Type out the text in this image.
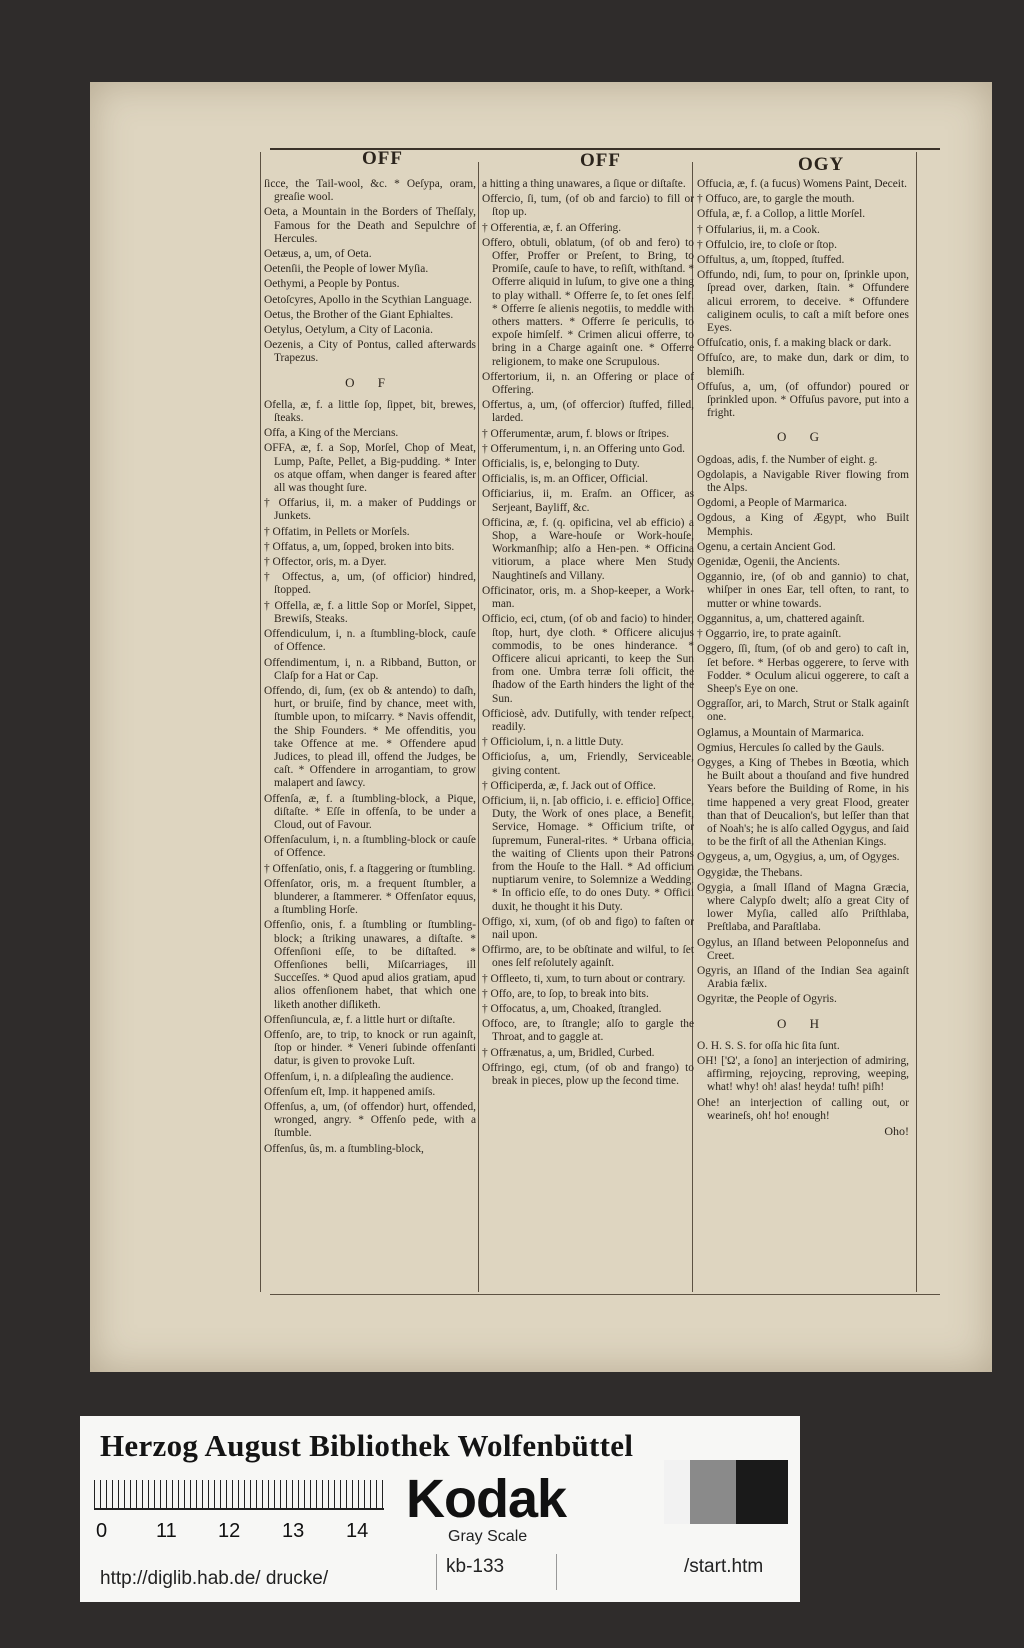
OFF	OFF	OGY

ſicce, the Tail-wool, &c. * Oeſypa, oram, greaſie wool.

Oeta, a Mountain in the Borders of Theſſaly, Famous for the Death and Sepulchre of Hercules.

Oetæus, a, um, of Oeta.

Oetenſii, the People of lower Myſia.

Oethymi, a People by Pontus.

Oetoſcyres, Apollo in the Scythian Language.

Oetus, the Brother of the Giant Ephialtes.

Oetylus, Oetylum, a City of Laconia.

Oezenis, a City of Pontus, called afterwards Trapezus.

O F

Ofella, æ, f. a little ſop, ſippet, bit, brewes, ſteaks.

Offa, a King of the Mercians.

OFFA, æ, f. a Sop, Morſel, Chop of Meat, Lump, Paſte, Pellet, a Big-pudding. * Inter os atque offam, when danger is feared after all was thought ſure.

† Offarius, ii, m. a maker of Puddings or Junkets.

† Offatim, in Pellets or Morſels.

† Offatus, a, um, ſopped, broken into bits.

† Offector, oris, m. a Dyer.

† Offectus, a, um, (of officior) hindred, ſtopped.

† Offella, æ, f. a little Sop or Morſel, Sippet, Brewiſs, Steaks.

Offendiculum, i, n. a ſtumbling-block, cauſe of Offence.

Offendimentum, i, n. a Ribband, Button, or Claſp for a Hat or Cap.

Offendo, di, ſum, (ex ob & antendo) to daſh, hurt, or bruiſe, find by chance, meet with, ſtumble upon, to miſcarry. * Navis offendit, the Ship Founders. * Me offenditis, you take Offence at me. * Offendere apud Judices, to plead ill, offend the Judges, be caſt. * Offendere in arrogantiam, to grow malapert and ſawcy.

Offenſa, æ, f. a ſtumbling-block, a Pique, diſtaſte. * Eſſe in offenſa, to be under a Cloud, out of Favour.

Offenſaculum, i, n. a ſtumbling-block or cauſe of Offence.

† Offenſatio, onis, f. a ſtaggering or ſtumbling.

Offenſator, oris, m. a frequent ſtumbler, a blunderer, a ſtammerer. * Offenſator equus, a ſtumbling Horſe.

Offenſio, onis, f. a ſtumbling or ſtumbling-block; a ſtriking unawares, a diſtaſte. * Offenſioni eſſe, to be diſtaſted. * Offenſiones belli, Miſcarriages, ill Succeſſes. * Quod apud alios gratiam, apud alios offenſionem habet, that which one liketh another diſliketh.

Offenſiuncula, æ, f. a little hurt or diſtaſte.

Offenſo, are, to trip, to knock or run againſt, ſtop or hinder. * Veneri ſubinde offenſanti datur, is given to provoke Luſt.

Offenſum, i, n. a diſpleaſing the audience.

Offenſum eſt, Imp. it happened amiſs.

Offenſus, a, um, (of offendor) hurt, offended, wronged, angry. * Offenſo pede, with a ſtumble.

Offenſus, ûs, m. a ſtumbling-block,

a hitting a thing unawares, a ſique or diſtaſte.

Offercio, ſi, tum, (of ob and farcio) to fill or ſtop up.

† Offerentia, æ, f. an Offering.

Offero, obtuli, oblatum, (of ob and fero) to Offer, Proffer or Preſent, to Bring, to Promiſe, cauſe to have, to reſiſt, withſtand. * Offerre aliquid in luſum, to give one a thing to play withall. * Offerre ſe, to ſet ones ſelf. * Offerre ſe alienis negotiis, to meddle with others matters. * Offerre ſe periculis, to expoſe himſelf. * Crimen alicui offerre, to bring in a Charge againſt one. * Offerre religionem, to make one Scrupulous.

Offertorium, ii, n. an Offering or place of Offering.

Offertus, a, um, (of offercior) ſtuffed, filled, larded.

† Offerumentæ, arum, f. blows or ſtripes.

† Offerumentum, i, n. an Offering unto God.

Officialis, is, e, belonging to Duty.

Officialis, is, m. an Officer, Official.

Officiarius, ii, m. Eraſm. an Officer, as Serjeant, Bayliff, &c.

Officina, æ, f. (q. opificina, vel ab efficio) a Shop, a Ware-houſe or Work-houſe, Workmanſhip; alſo a Hen-pen. * Officina vitiorum, a place where Men Study Naughtineſs and Villany.

Officinator, oris, m. a Shop-keeper, a Work-man.

Officio, eci, ctum, (of ob and facio) to hinder, ſtop, hurt, dye cloth. * Officere alicujus commodis, to be ones hinderance. * Officere alicui apricanti, to keep the Sun from one. Umbra terræ ſoli officit, the ſhadow of the Earth hinders the light of the Sun.

Officiosè, adv. Dutifully, with tender reſpect, readily.

† Officiolum, i, n. a little Duty.

Officioſus, a, um, Friendly, Serviceable, giving content.

† Officiperda, æ, f. Jack out of Office.

Officium, ii, n. [ab officio, i. e. efficio] Office, Duty, the Work of ones place, a Benefit, Service, Homage. * Officium triſte, or ſupremum, Funeral-rites. * Urbana officia, the waiting of Clients upon their Patrons from the Houſe to the Hall. * Ad officium nuptiarum venire, to Solemnize a Wedding. * In officio eſſe, to do ones Duty. * Officii duxit, he thought it his Duty.

Offigo, xi, xum, (of ob and figo) to faſten or nail upon.

Offirmo, are, to be obſtinate and wilful, to ſet ones ſelf reſolutely againſt.

† Offleeto, ti, xum, to turn about or contrary.

† Offo, are, to ſop, to break into bits.

† Offocatus, a, um, Choaked, ſtrangled.

Offoco, are, to ſtrangle; alſo to gargle the Throat, and to gaggle at.

† Offrænatus, a, um, Bridled, Curbed.

Offringo, egi, ctum, (of ob and frango) to break in pieces, plow up the ſecond time.

Offucia, æ, f. (a fucus) Womens Paint, Deceit.

† Offuco, are, to gargle the mouth.

Offula, æ, f. a Collop, a little Morſel.

† Offularius, ii, m. a Cook.

† Offulcio, ire, to cloſe or ſtop.

Offultus, a, um, ſtopped, ſtuffed.

Offundo, ndi, ſum, to pour on, ſprinkle upon, ſpread over, darken, ſtain. * Offundere alicui errorem, to deceive. * Offundere caliginem oculis, to caſt a miſt before ones Eyes.

Offuſcatio, onis, f. a making black or dark.

Offuſco, are, to make dun, dark or dim, to blemiſh.

Offuſus, a, um, (of offundor) poured or ſprinkled upon. * Offuſus pavore, put into a fright.

O G

Ogdoas, adis, f. the Number of eight. g.

Ogdolapis, a Navigable River flowing from the Alps.

Ogdomi, a People of Marmarica.

Ogdous, a King of Ægypt, who Built Memphis.

Ogenu, a certain Ancient God.

Ogenidæ, Ogenii, the Ancients.

Oggannio, ire, (of ob and gannio) to chat, whiſper in ones Ear, tell often, to rant, to mutter or whine towards.

Oggannitus, a, um, chattered againſt.

† Oggarrio, ire, to prate againſt.

Oggero, ſſi, ſtum, (of ob and gero) to caſt in, ſet before. * Herbas oggerere, to ſerve with Fodder. * Oculum alicui oggerere, to caſt a Sheep's Eye on one.

Oggraſſor, ari, to March, Strut or Stalk againſt one.

Oglamus, a Mountain of Marmarica.

Ogmius, Hercules ſo called by the Gauls.

Ogyges, a King of Thebes in Bœotia, which he Built about a thouſand and five hundred Years before the Building of Rome, in his time happened a very great Flood, greater than that of Deucalion's, but leſſer than that of Noah's; he is alſo called Ogygus, and ſaid to be the firſt of all the Athenian Kings.

Ogygeus, a, um, Ogygius, a, um, of Ogyges.

Ogygidæ, the Thebans.

Ogygia, a ſmall Iſland of Magna Græcia, where Calypſo dwelt; alſo a great City of lower Myſia, called alſo Priſthlaba, Preſtlaba, and Paraſtlaba.

Ogylus, an Iſland between Peloponneſus and Creet.

Ogyris, an Iſland of the Indian Sea againſt Arabia fælix.

Ogyritæ, the People of Ogyris.

O H

O. H. S. S. for oſſa hic ſita ſunt.

OH! ['Ω', a ſono] an interjection of admiring, affirming, rejoycing, reproving, weeping, what! why! oh! alas! heyda! tuſh! piſh!

Ohe! an interjection of calling out, or wearineſs, oh! ho! enough!

Oho!

Herzog August Bibliothek Wolfenbüttel
0 11 12 13 14
Kodak
Gray Scale
http://diglib.hab.de/ drucke/
kb-133	/start.htm
